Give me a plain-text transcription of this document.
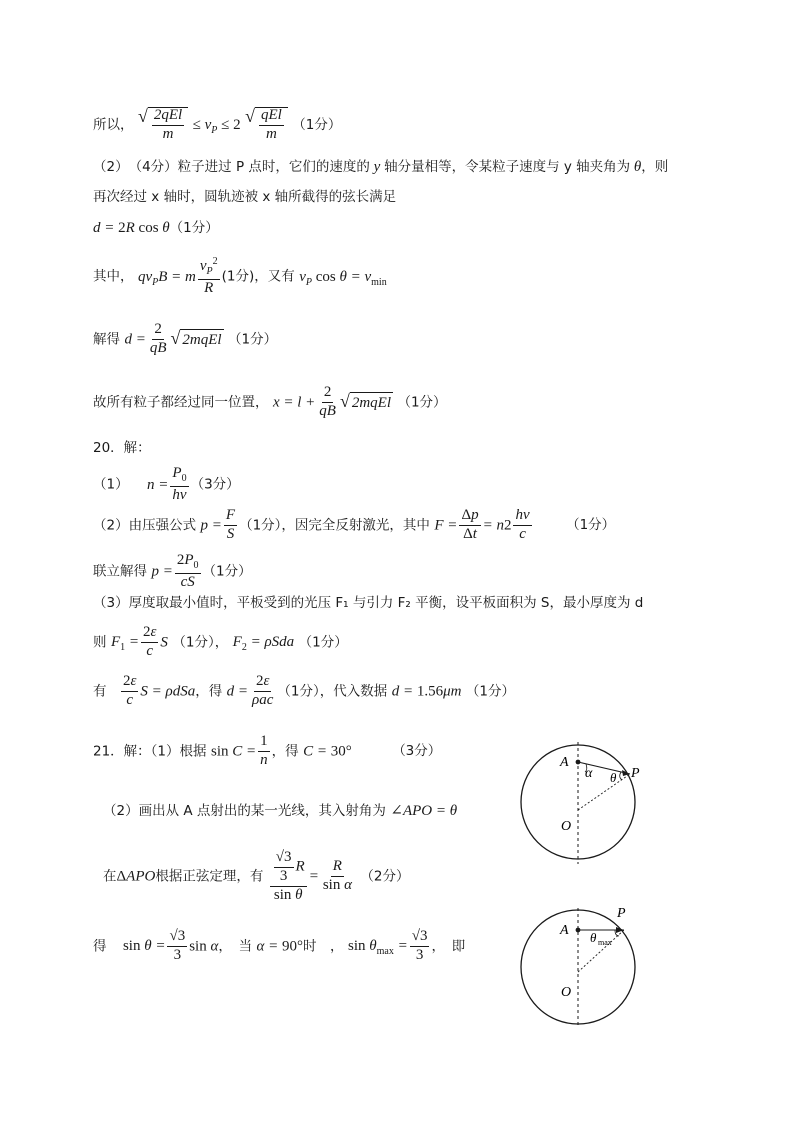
所以， √ $\frac{\text{2qEl}}{m} \le v_P \le 2$ √ $\frac{\text{qEl}}{m} (1$分）
（2）　（4分）粒子进过 P 点时，它们的速度的 y 轴分量相等，令某粒子速度与 y 轴夹角为 θ，则
再次经过 x 轴时，圆轨迹被 x 轴所截得的弦长满足
d = 2R cos θ（1分）
其中， $qv_PB = m \frac{v_P^2}{R} (1$分)，又有 $v_P$ $\cos \theta = v_{min}$
解得 $d = \frac{2}{qB}$ √ 2mqEl （1分）
故所有粒子都经过同一位置， $x = l + \frac{2}{qB}$ √ 2mqEl （1分）
20．解：
（1） $n = \frac{P_0}{h\nu} (3$分）
（2）由压强公式 $p = \frac{F}{S} (1$分），因完全反射激光，其中 $F = \frac{\Delta p}{\Delta t} = n2 \frac{h\nu}{c}$	（1分）
联立解得 $p = \frac{2P_0}{cS} (1$分）
（3）厚度取最小值时，平板受到的光压 F₁ 与引力 F₂ 平衡，设平板面积为 S，最小厚度为 d
则 $F_1 = \frac{2\varepsilon}{c}$ S （1分）， $F_2 = \rho Sda$ （1分）
有 $\frac{2\varepsilon}{c}$ S = ρdSa，得 $d = \frac{2\varepsilon}{\text{ρac}} (1$分），代入数据 d = 1.56μm （1分）
21．解：（1）根据 $\sin C = \frac{1}{n}$ ，得 C = 30°	（3分）
（2）画出从 A 点射出的某一光线，其入射角为 ∠APO = θ
在ΔAPO根据正弦定理，有 $\frac{\frac{√3}{3} R}{\text{sin θ}} = \frac{R}{\text{sin α}} (2$分）
得 $\sin \theta = \frac{√3}{3}$ sin α，　当 α = 90°时　， $\sin \theta_{max} = \frac{√3}{3}$ ，　即
A
α θ P
O
A θ max
P
O
